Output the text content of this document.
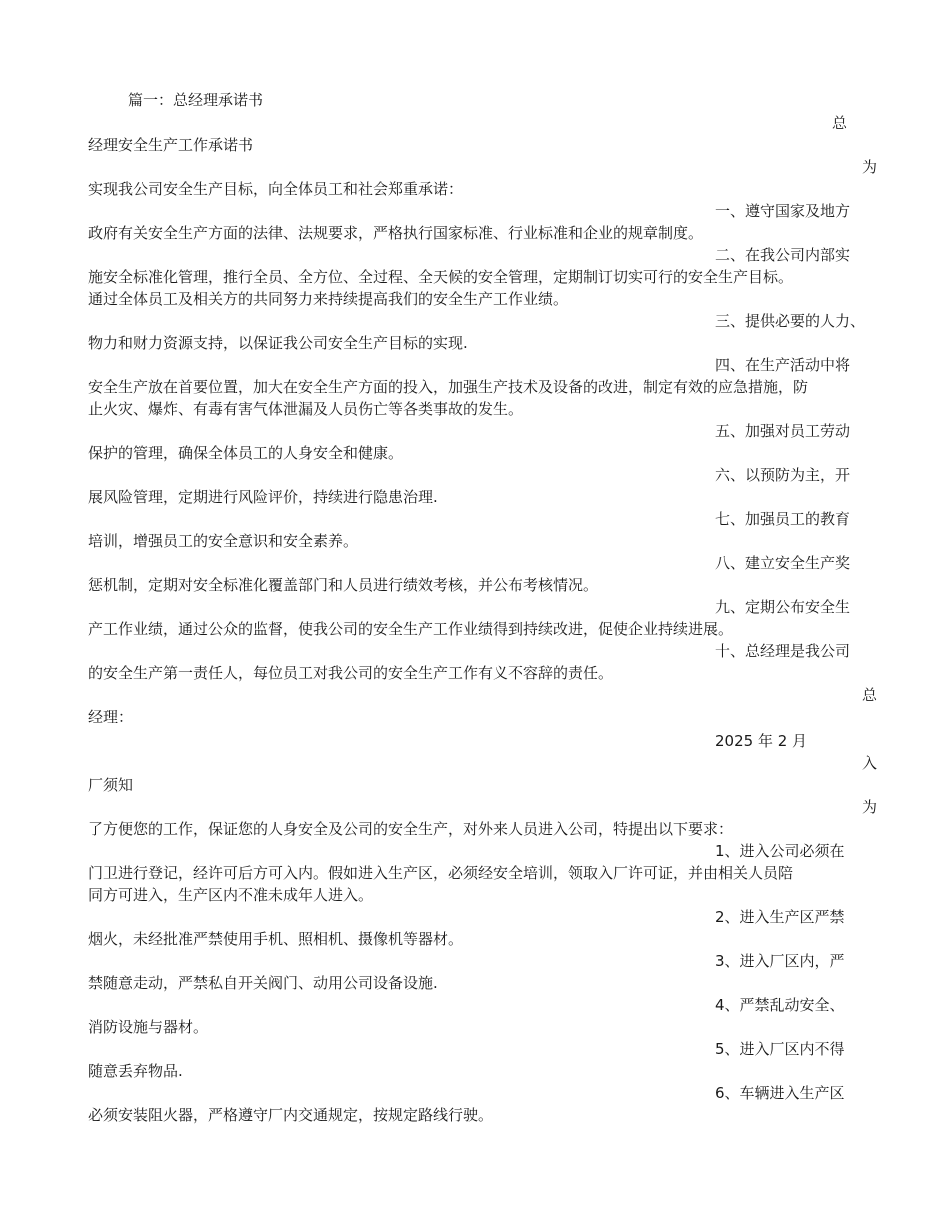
篇一：总经理承诺书
总
经理安全生产工作承诺书
为
实现我公司安全生产目标，向全体员工和社会郑重承诺：
一、遵守国家及地方
政府有关安全生产方面的法律、法规要求，严格执行国家标准、行业标准和企业的规章制度。
二、在我公司内部实
施安全标准化管理，推行全员、全方位、全过程、全天候的安全管理，定期制订切实可行的安全生产目标。
通过全体员工及相关方的共同努力来持续提高我们的安全生产工作业绩。
三、提供必要的人力、
物力和财力资源支持，以保证我公司安全生产目标的实现.
四、在生产活动中将
安全生产放在首要位置，加大在安全生产方面的投入，加强生产技术及设备的改进，制定有效的应急措施，防
止火灾、爆炸、有毒有害气体泄漏及人员伤亡等各类事故的发生。
五、加强对员工劳动
保护的管理，确保全体员工的人身安全和健康。
六、以预防为主，开
展风险管理，定期进行风险评价，持续进行隐患治理.
七、加强员工的教育
培训，增强员工的安全意识和安全素养。
八、建立安全生产奖
惩机制，定期对安全标准化覆盖部门和人员进行绩效考核，并公布考核情况。
九、定期公布安全生
产工作业绩，通过公众的监督，使我公司的安全生产工作业绩得到持续改进，促使企业持续进展。
十、总经理是我公司
的安全生产第一责任人，每位员工对我公司的安全生产工作有义不容辞的责任。
总
经理：
2025 年 2 月
入
厂须知
为
了方便您的工作，保证您的人身安全及公司的安全生产，对外来人员进入公司，特提出以下要求：
1、进入公司必须在
门卫进行登记，经许可后方可入内。假如进入生产区，必须经安全培训，领取入厂许可证，并由相关人员陪
同方可进入，生产区内不准未成年人进入。
2、进入生产区严禁
烟火，未经批准严禁使用手机、照相机、摄像机等器材。
3、进入厂区内，严
禁随意走动，严禁私自开关阀门、动用公司设备设施.
4、严禁乱动安全、
消防设施与器材。
5、进入厂区内不得
随意丢弃物品.
6、车辆进入生产区
必须安装阻火器，严格遵守厂内交通规定，按规定路线行驶。
